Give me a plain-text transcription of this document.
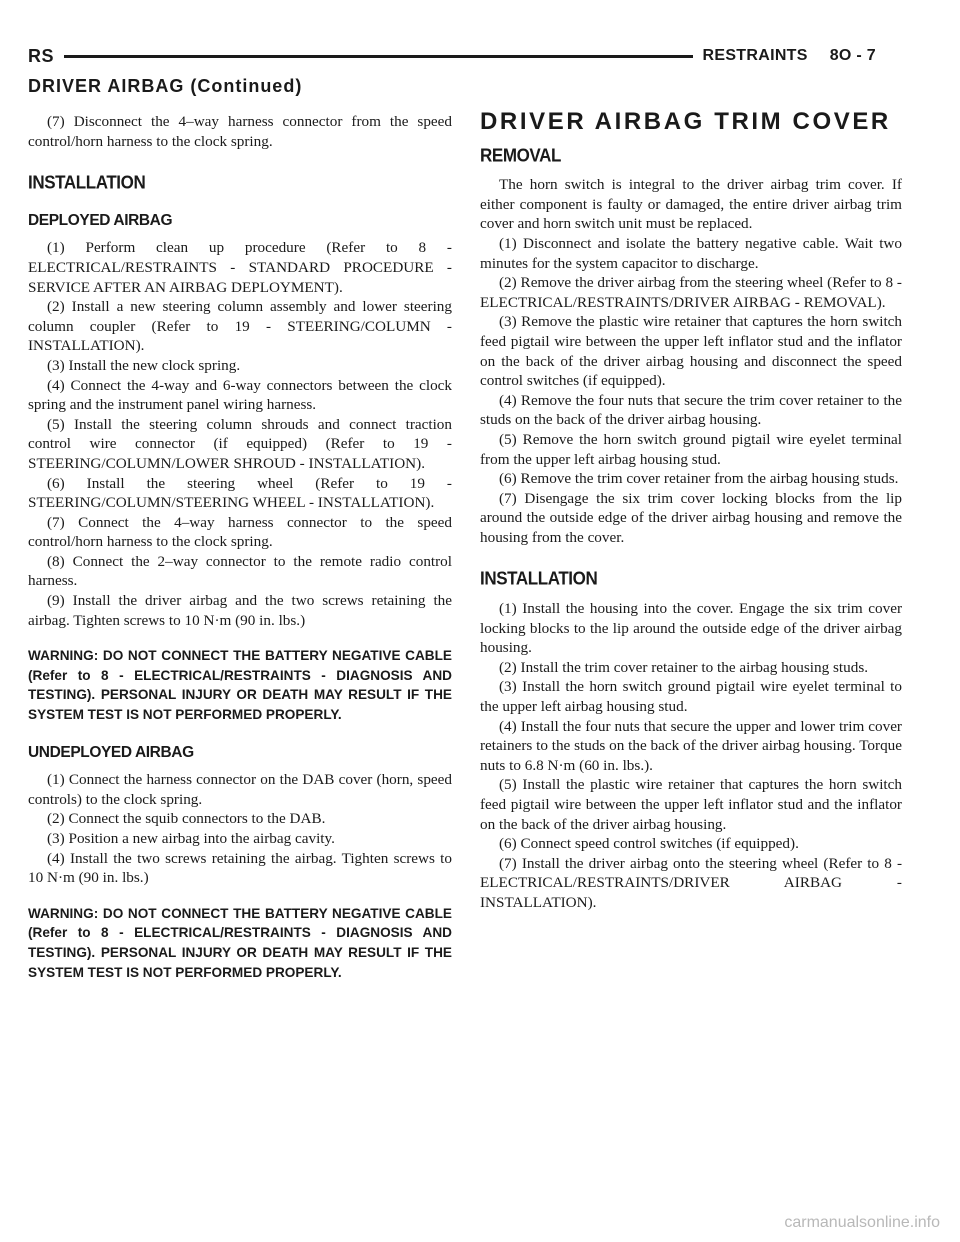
RS	RESTRAINTS 8O - 7
DRIVER AIRBAG (Continued)

(7) Disconnect the 4–way harness connector from the speed control/horn harness to the clock spring.

INSTALLATION
DEPLOYED AIRBAG

(1) Perform clean up procedure (Refer to 8 - ELECTRICAL/RESTRAINTS - STANDARD PROCEDURE - SERVICE AFTER AN AIRBAG DEPLOYMENT).

(2) Install a new steering column assembly and lower steering column coupler (Refer to 19 - STEERING/COLUMN - INSTALLATION).

(3) Install the new clock spring.

(4) Connect the 4-way and 6-way connectors between the clock spring and the instrument panel wiring harness.

(5) Install the steering column shrouds and connect traction control wire connector (if equipped) (Refer to 19 - STEERING/COLUMN/LOWER SHROUD - INSTALLATION).

(6) Install the steering wheel (Refer to 19 - STEERING/COLUMN/STEERING WHEEL - INSTALLATION).

(7) Connect the 4–way harness connector to the speed control/horn harness to the clock spring.

(8) Connect the 2–way connector to the remote radio control harness.

(9) Install the driver airbag and the two screws retaining the airbag. Tighten screws to 10 N·m (90 in. lbs.)

WARNING: DO NOT CONNECT THE BATTERY NEGATIVE CABLE (Refer to 8 - ELECTRICAL/RESTRAINTS - DIAGNOSIS AND TESTING). PERSONAL INJURY OR DEATH MAY RESULT IF THE SYSTEM TEST IS NOT PERFORMED PROPERLY.
UNDEPLOYED AIRBAG

(1) Connect the harness connector on the DAB cover (horn, speed controls) to the clock spring.

(2) Connect the squib connectors to the DAB.

(3) Position a new airbag into the airbag cavity.

(4) Install the two screws retaining the airbag. Tighten screws to 10 N·m (90 in. lbs.)

WARNING: DO NOT CONNECT THE BATTERY NEGATIVE CABLE (Refer to 8 - ELECTRICAL/RESTRAINTS - DIAGNOSIS AND TESTING). PERSONAL INJURY OR DEATH MAY RESULT IF THE SYSTEM TEST IS NOT PERFORMED PROPERLY.
DRIVER AIRBAG TRIM COVER
REMOVAL

The horn switch is integral to the driver airbag trim cover. If either component is faulty or damaged, the entire driver airbag trim cover and horn switch unit must be replaced.

(1) Disconnect and isolate the battery negative cable. Wait two minutes for the system capacitor to discharge.

(2) Remove the driver airbag from the steering wheel (Refer to 8 - ELECTRICAL/RESTRAINTS/DRIVER AIRBAG - REMOVAL).

(3) Remove the plastic wire retainer that captures the horn switch feed pigtail wire between the upper left inflator stud and the inflator on the back of the driver airbag housing and disconnect the speed control switches (if equipped).

(4) Remove the four nuts that secure the trim cover retainer to the studs on the back of the driver airbag housing.

(5) Remove the horn switch ground pigtail wire eyelet terminal from the upper left airbag housing stud.

(6) Remove the trim cover retainer from the airbag housing studs.

(7) Disengage the six trim cover locking blocks from the lip around the outside edge of the driver airbag housing and remove the housing from the cover.

INSTALLATION

(1) Install the housing into the cover. Engage the six trim cover locking blocks to the lip around the outside edge of the driver airbag housing.

(2) Install the trim cover retainer to the airbag housing studs.

(3) Install the horn switch ground pigtail wire eyelet terminal to the upper left airbag housing stud.

(4) Install the four nuts that secure the upper and lower trim cover retainers to the studs on the back of the driver airbag housing. Torque nuts to 6.8 N·m (60 in. lbs.).

(5) Install the plastic wire retainer that captures the horn switch feed pigtail wire between the upper left inflator stud and the inflator on the back of the driver airbag housing.

(6) Connect speed control switches (if equipped).

(7) Install the driver airbag onto the steering wheel (Refer to 8 - ELECTRICAL/RESTRAINTS/DRIVER AIRBAG - INSTALLATION).

carmanualsonline.info
